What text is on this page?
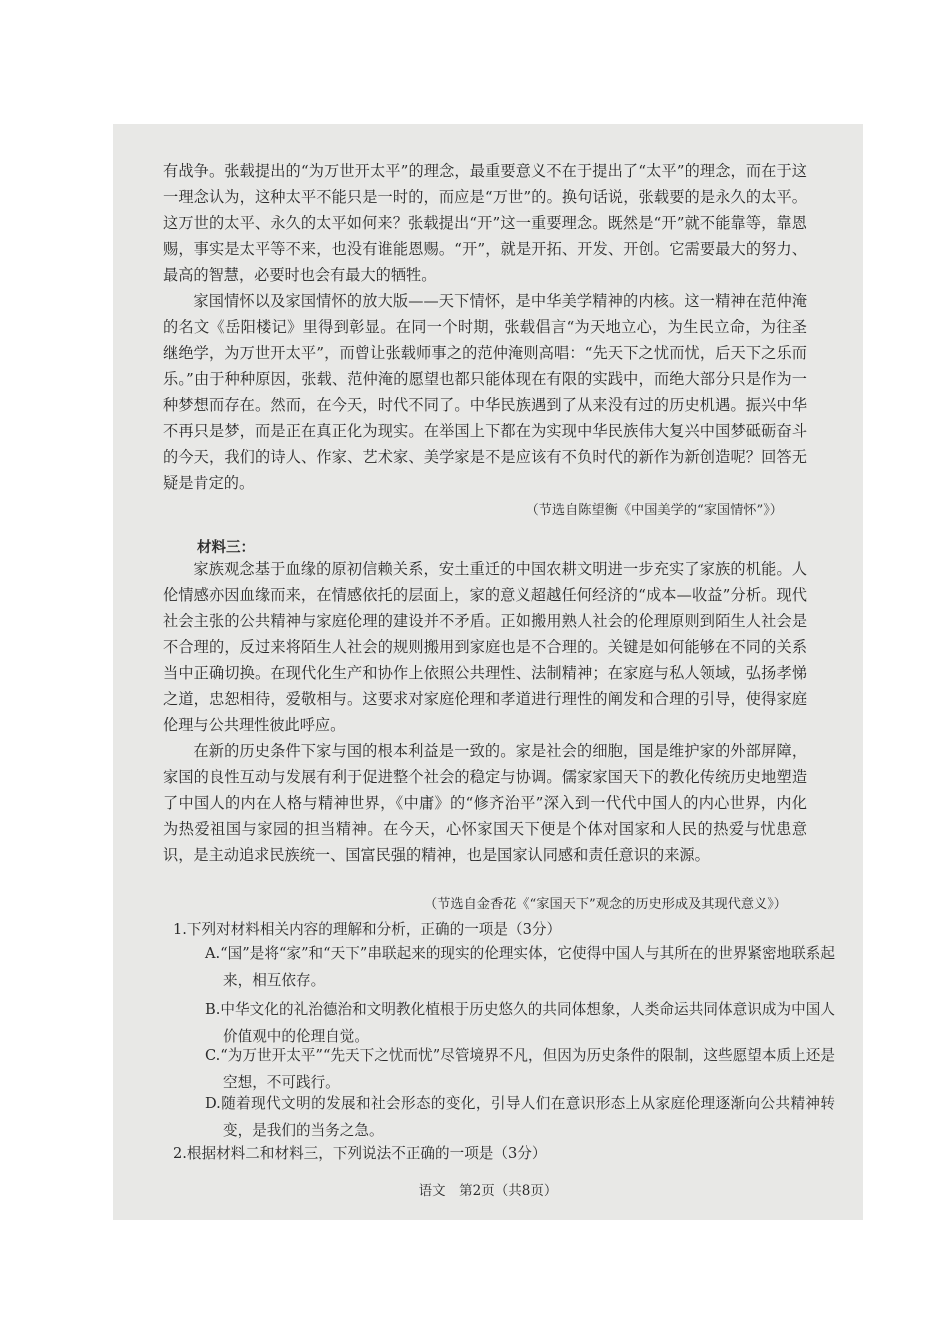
有战争。张载提出的“为万世开太平”的理念，最重要意义不在于提出了“太平”的理念，而在于这一理念认为，这种太平不能只是一时的，而应是“万世”的。换句话说，张载要的是永久的太平。这万世的太平、永久的太平如何来？张载提出“开”这一重要理念。既然是“开”就不能靠等，靠恩赐，事实是太平等不来，也没有谁能恩赐。“开”，就是开拓、开发、开创。它需要最大的努力、最高的智慧，必要时也会有最大的牺牲。

家国情怀以及家国情怀的放大版——天下情怀，是中华美学精神的内核。这一精神在范仲淹的名文《岳阳楼记》里得到彰显。在同一个时期，张载倡言“为天地立心，为生民立命，为往圣继绝学，为万世开太平”，而曾让张载师事之的范仲淹则高唱：“先天下之忧而忧，后天下之乐而乐。”由于种种原因，张载、范仲淹的愿望也都只能体现在有限的实践中，而绝大部分只是作为一种梦想而存在。然而，在今天，时代不同了。中华民族遇到了从来没有过的历史机遇。振兴中华不再只是梦，而是正在真正化为现实。在举国上下都在为实现中华民族伟大复兴中国梦砥砺奋斗的今天，我们的诗人、作家、艺术家、美学家是不是应该有不负时代的新作为新创造呢？回答无疑是肯定的。

（节选自陈望衡《中国美学的“家国情怀”》）
材料三：

家族观念基于血缘的原初信赖关系，安土重迁的中国农耕文明进一步充实了家族的机能。人伦情感亦因血缘而来，在情感依托的层面上，家的意义超越任何经济的“成本—收益”分析。现代社会主张的公共精神与家庭伦理的建设并不矛盾。正如搬用熟人社会的伦理原则到陌生人社会是不合理的，反过来将陌生人社会的规则搬用到家庭也是不合理的。关键是如何能够在不同的关系当中正确切换。在现代化生产和协作上依照公共理性、法制精神；在家庭与私人领域，弘扬孝悌之道，忠恕相待，爱敬相与。这要求对家庭伦理和孝道进行理性的阐发和合理的引导，使得家庭伦理与公共理性彼此呼应。

在新的历史条件下家与国的根本利益是一致的。家是社会的细胞，国是维护家的外部屏障，家国的良性互动与发展有利于促进整个社会的稳定与协调。儒家家国天下的教化传统历史地塑造了中国人的内在人格与精神世界，《中庸》的“修齐治平”深入到一代代中国人的内心世界，内化为热爱祖国与家园的担当精神。在今天，心怀家国天下便是个体对国家和人民的热爱与忧患意识，是主动追求民族统一、国富民强的精神，也是国家认同感和责任意识的来源。

（节选自金香花《“家国天下”观念的历史形成及其现代意义》）

1.下列对材料相关内容的理解和分析，正确的一项是（3分）

A.“国”是将“家”和“天下”串联起来的现实的伦理实体，它使得中国人与其所在的世界紧密地联系起来，相互依存。

B.中华文化的礼治德治和文明教化植根于历史悠久的共同体想象，人类命运共同体意识成为中国人价值观中的伦理自觉。

C.“为万世开太平”“先天下之忧而忧”尽管境界不凡，但因为历史条件的限制，这些愿望本质上还是空想，不可践行。

D.随着现代文明的发展和社会形态的变化，引导人们在意识形态上从家庭伦理逐渐向公共精神转变，是我们的当务之急。

2.根据材料二和材料三，下列说法不正确的一项是（3分）

语文　第2页（共8页）
